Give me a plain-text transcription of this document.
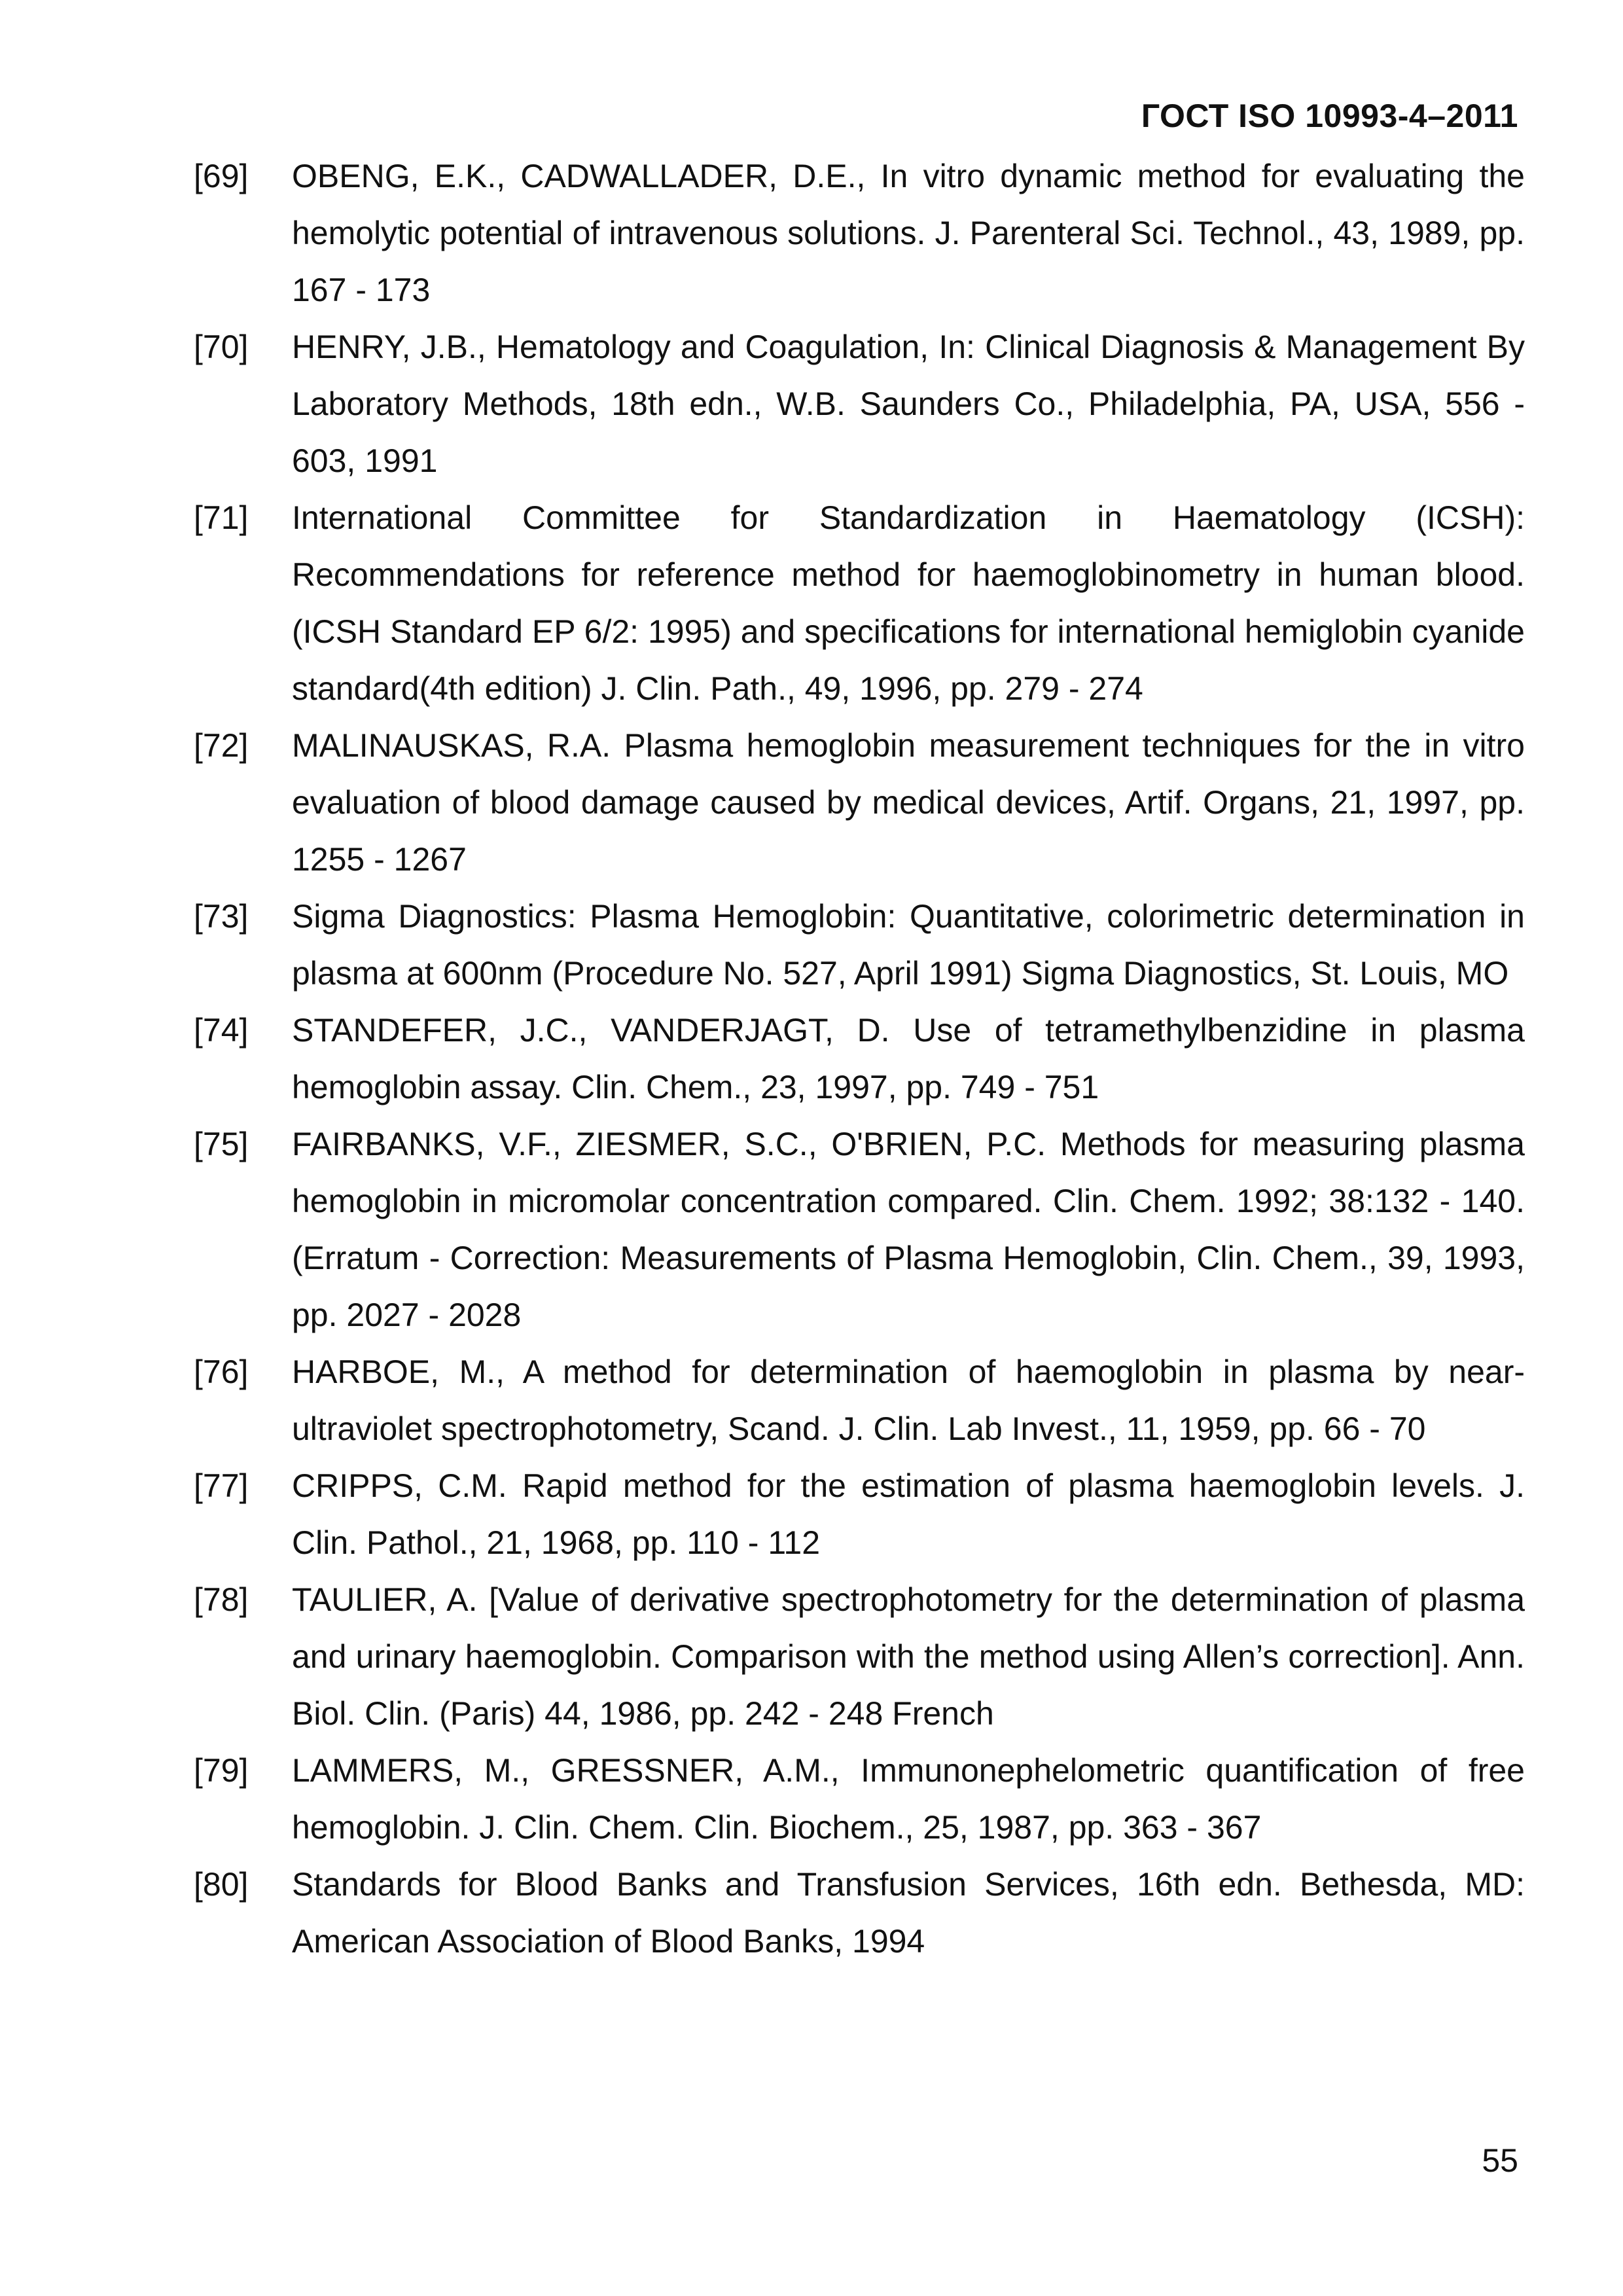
ГОСТ ISO 10993-4–2011
[69]	OBENG, E.K., CADWALLADER, D.E., In vitro dynamic method for evaluating the hemolytic potential of intravenous solutions. J. Parenteral Sci. Technol., 43, 1989, pp. 167 - 173
[70]	HENRY, J.B., Hematology and Coagulation, In: Clinical Diagnosis & Management By Laboratory Methods, 18th edn., W.B. Saunders Co., Philadelphia, PA, USA, 556 - 603, 1991
[71]	International Committee for Standardization in Haematology (ICSH): Recommendations for reference method for haemoglobinometry in human blood. (ICSH Standard EP 6/2: 1995) and specifications for international hemiglobin cyanide standard(4th edition) J. Clin. Path., 49, 1996, pp. 279 - 274
[72]	MALINAUSKAS, R.A. Plasma hemoglobin measurement techniques for the in vitro evaluation of blood damage caused by medical devices, Artif. Organs, 21, 1997, pp. 1255 - 1267
[73]	Sigma Diagnostics: Plasma Hemoglobin: Quantitative, colorimetric determination in plasma at 600nm (Procedure No. 527, April 1991) Sigma Diagnostics, St. Louis, MO
[74]	STANDEFER, J.C., VANDERJAGT, D. Use of tetramethylbenzidine in plasma hemoglobin assay. Clin. Chem., 23, 1997, pp. 749 - 751
[75]	FAIRBANKS, V.F., ZIESMER, S.C., O'BRIEN, P.C. Methods for measuring plasma hemoglobin in micromolar concentration compared. Clin. Chem. 1992; 38:132 - 140. (Erratum - Correction: Measurements of Plasma Hemoglobin, Clin. Chem., 39, 1993, pp. 2027 - 2028
[76]	HARBOE, M., A method for determination of haemoglobin in plasma by near-ultraviolet spectrophotometry, Scand. J. Clin. Lab Invest., 11, 1959, pp. 66 - 70
[77]	CRIPPS, C.M. Rapid method for the estimation of plasma haemoglobin levels. J. Clin. Pathol., 21, 1968, pp. 110 - 112
[78]	TAULIER, A. [Value of derivative spectrophotometry for the determination of plasma and urinary haemoglobin. Comparison with the method using Allen’s correction]. Ann. Biol. Clin. (Paris) 44, 1986, pp. 242 - 248 French
[79]	LAMMERS, M., GRESSNER, A.M., Immunonephelometric quantification of free hemoglobin. J. Clin. Chem. Clin. Biochem., 25, 1987, pp. 363 - 367
[80]	Standards for Blood Banks and Transfusion Services, 16th edn. Bethesda, MD: American Association of Blood Banks, 1994
55
